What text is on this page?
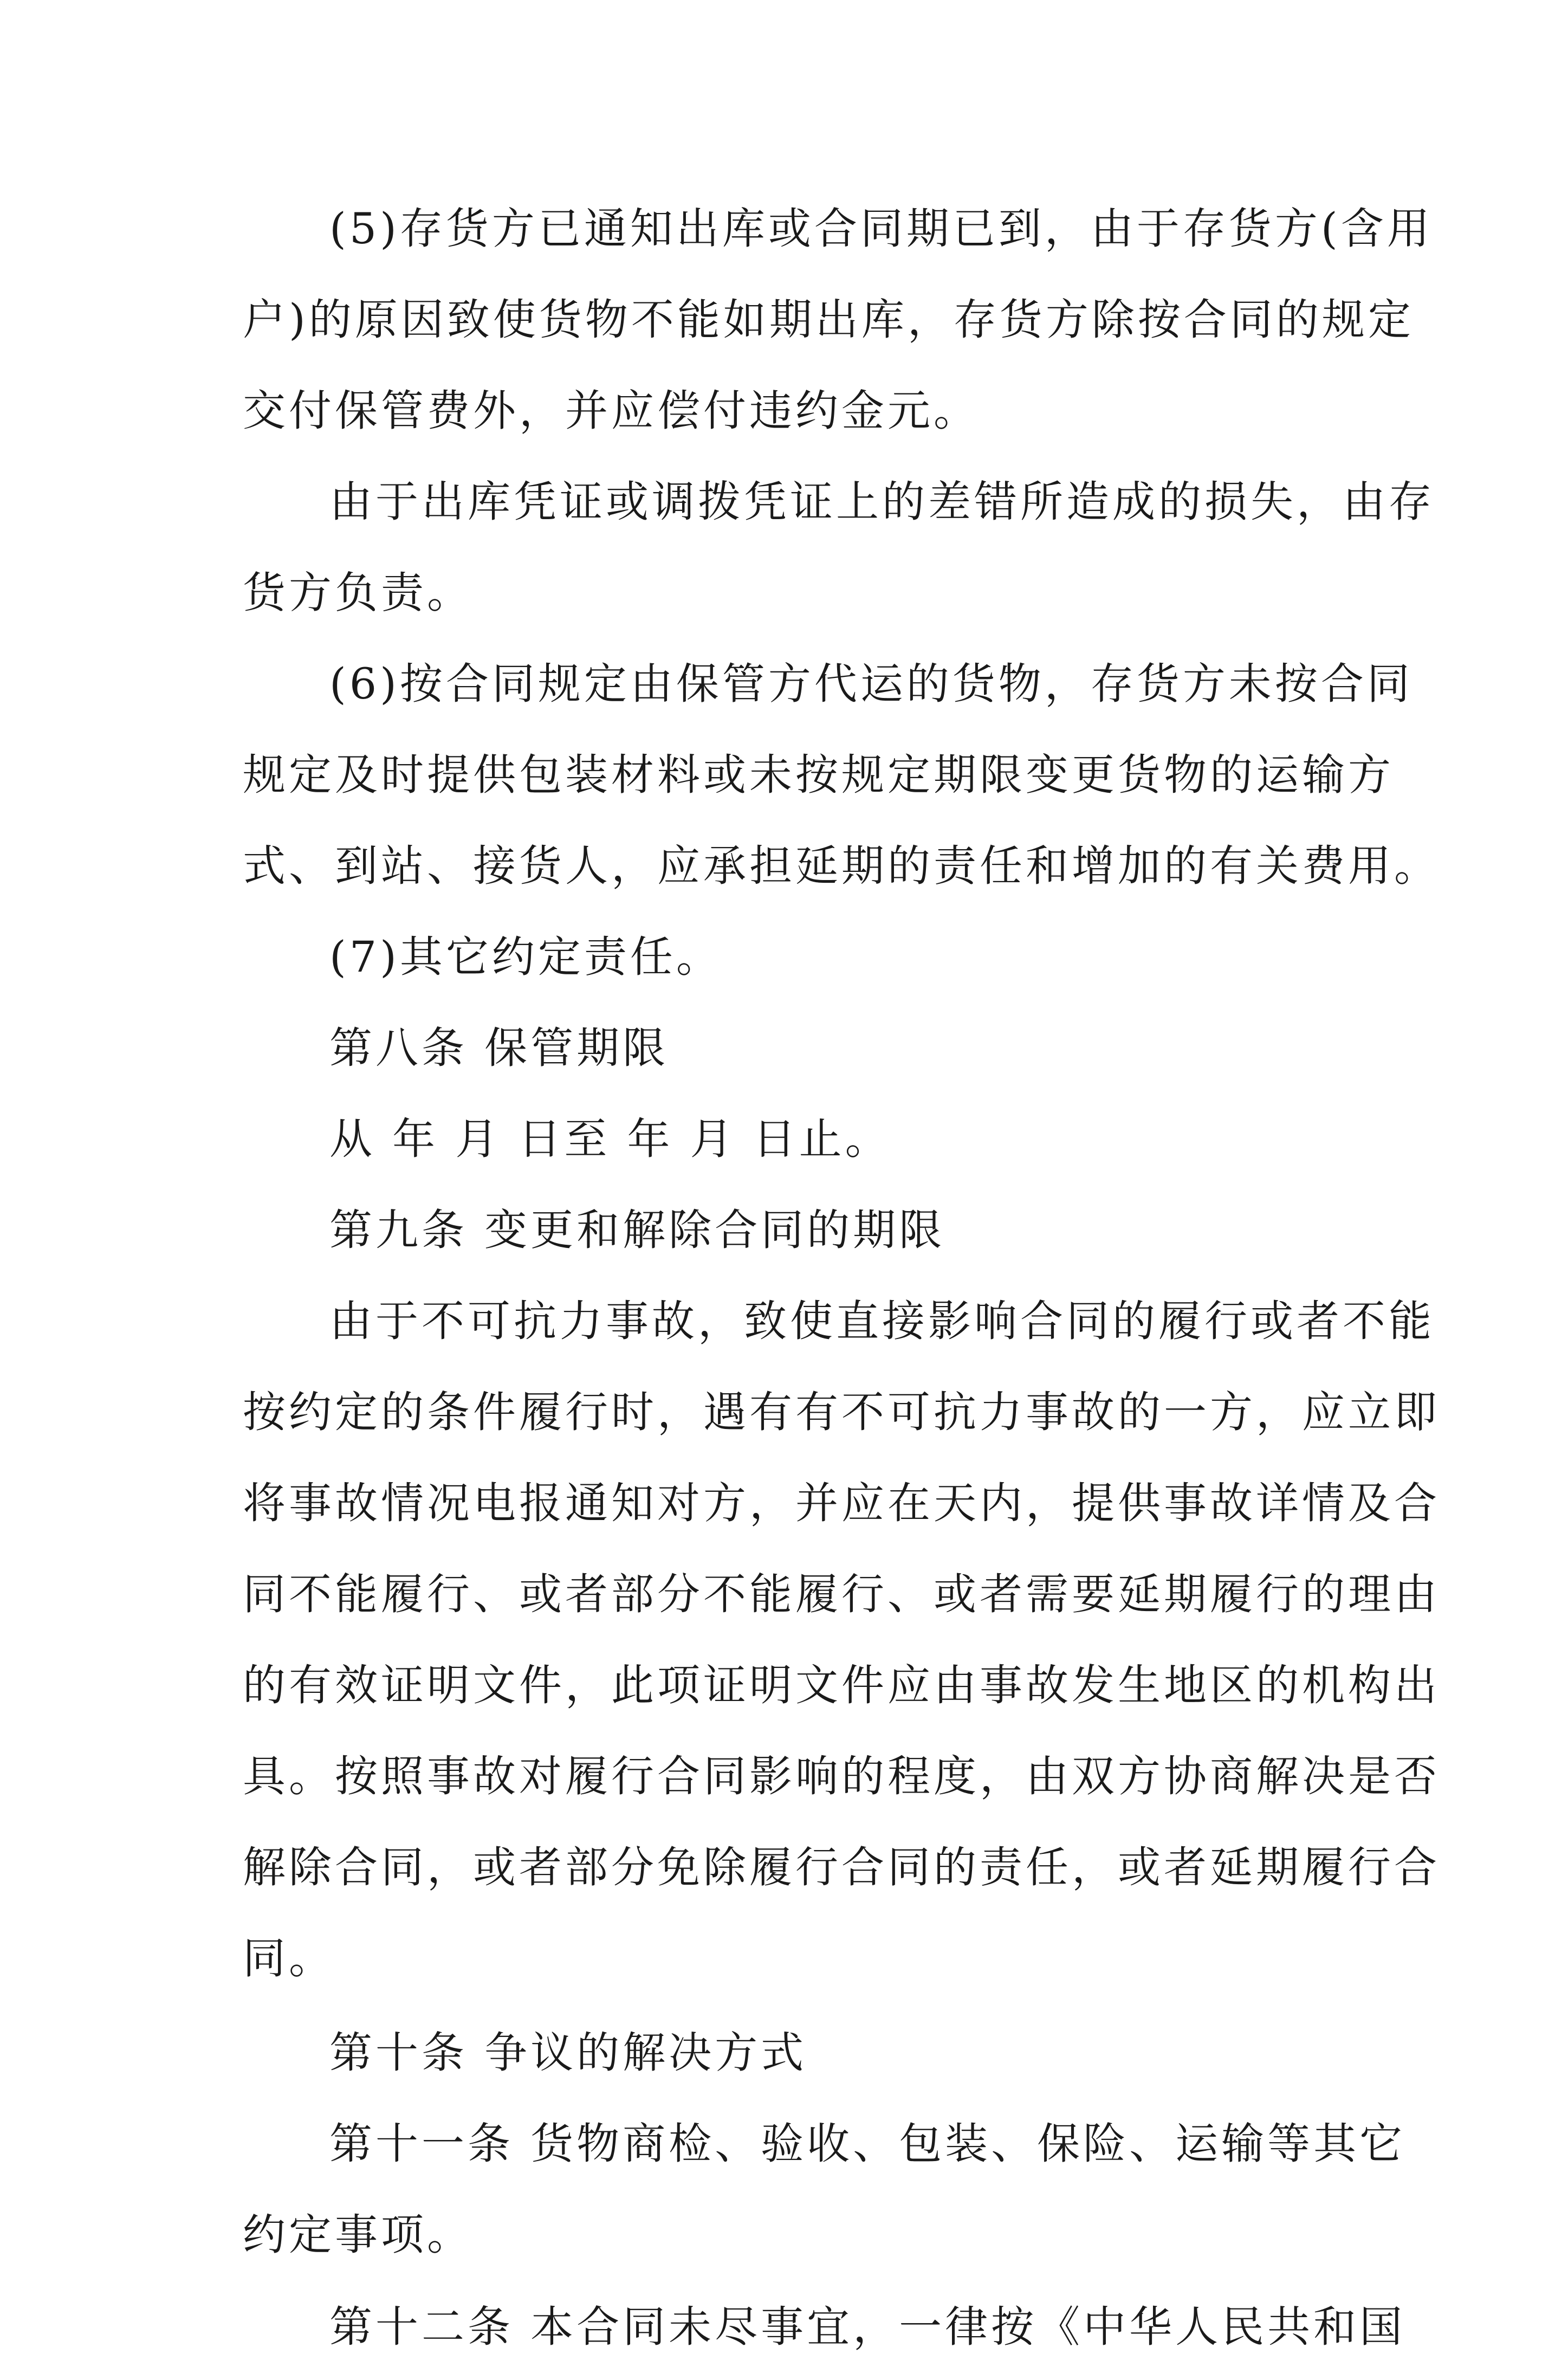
(5)存货方已通知出库或合同期已到，由于存货方(含用
户)的原因致使货物不能如期出库，存货方除按合同的规定
交付保管费外，并应偿付违约金元。
由于出库凭证或调拨凭证上的差错所造成的损失，由存
货方负责。
(6)按合同规定由保管方代运的货物，存货方未按合同
规定及时提供包装材料或未按规定期限变更货物的运输方
式、到站、接货人，应承担延期的责任和增加的有关费用。
(7)其它约定责任。
第八条 保管期限
从 年 月 日至 年 月 日止。
第九条 变更和解除合同的期限
由于不可抗力事故，致使直接影响合同的履行或者不能
按约定的条件履行时，遇有有不可抗力事故的一方，应立即
将事故情况电报通知对方，并应在天内，提供事故详情及合
同不能履行、或者部分不能履行、或者需要延期履行的理由
的有效证明文件，此项证明文件应由事故发生地区的机构出
具。按照事故对履行合同影响的程度，由双方协商解决是否
解除合同，或者部分免除履行合同的责任，或者延期履行合
同。
第十条 争议的解决方式
第十一条 货物商检、验收、包装、保险、运输等其它
约定事项。
第十二条 本合同未尽事宜，一律按《中华人民共和国
